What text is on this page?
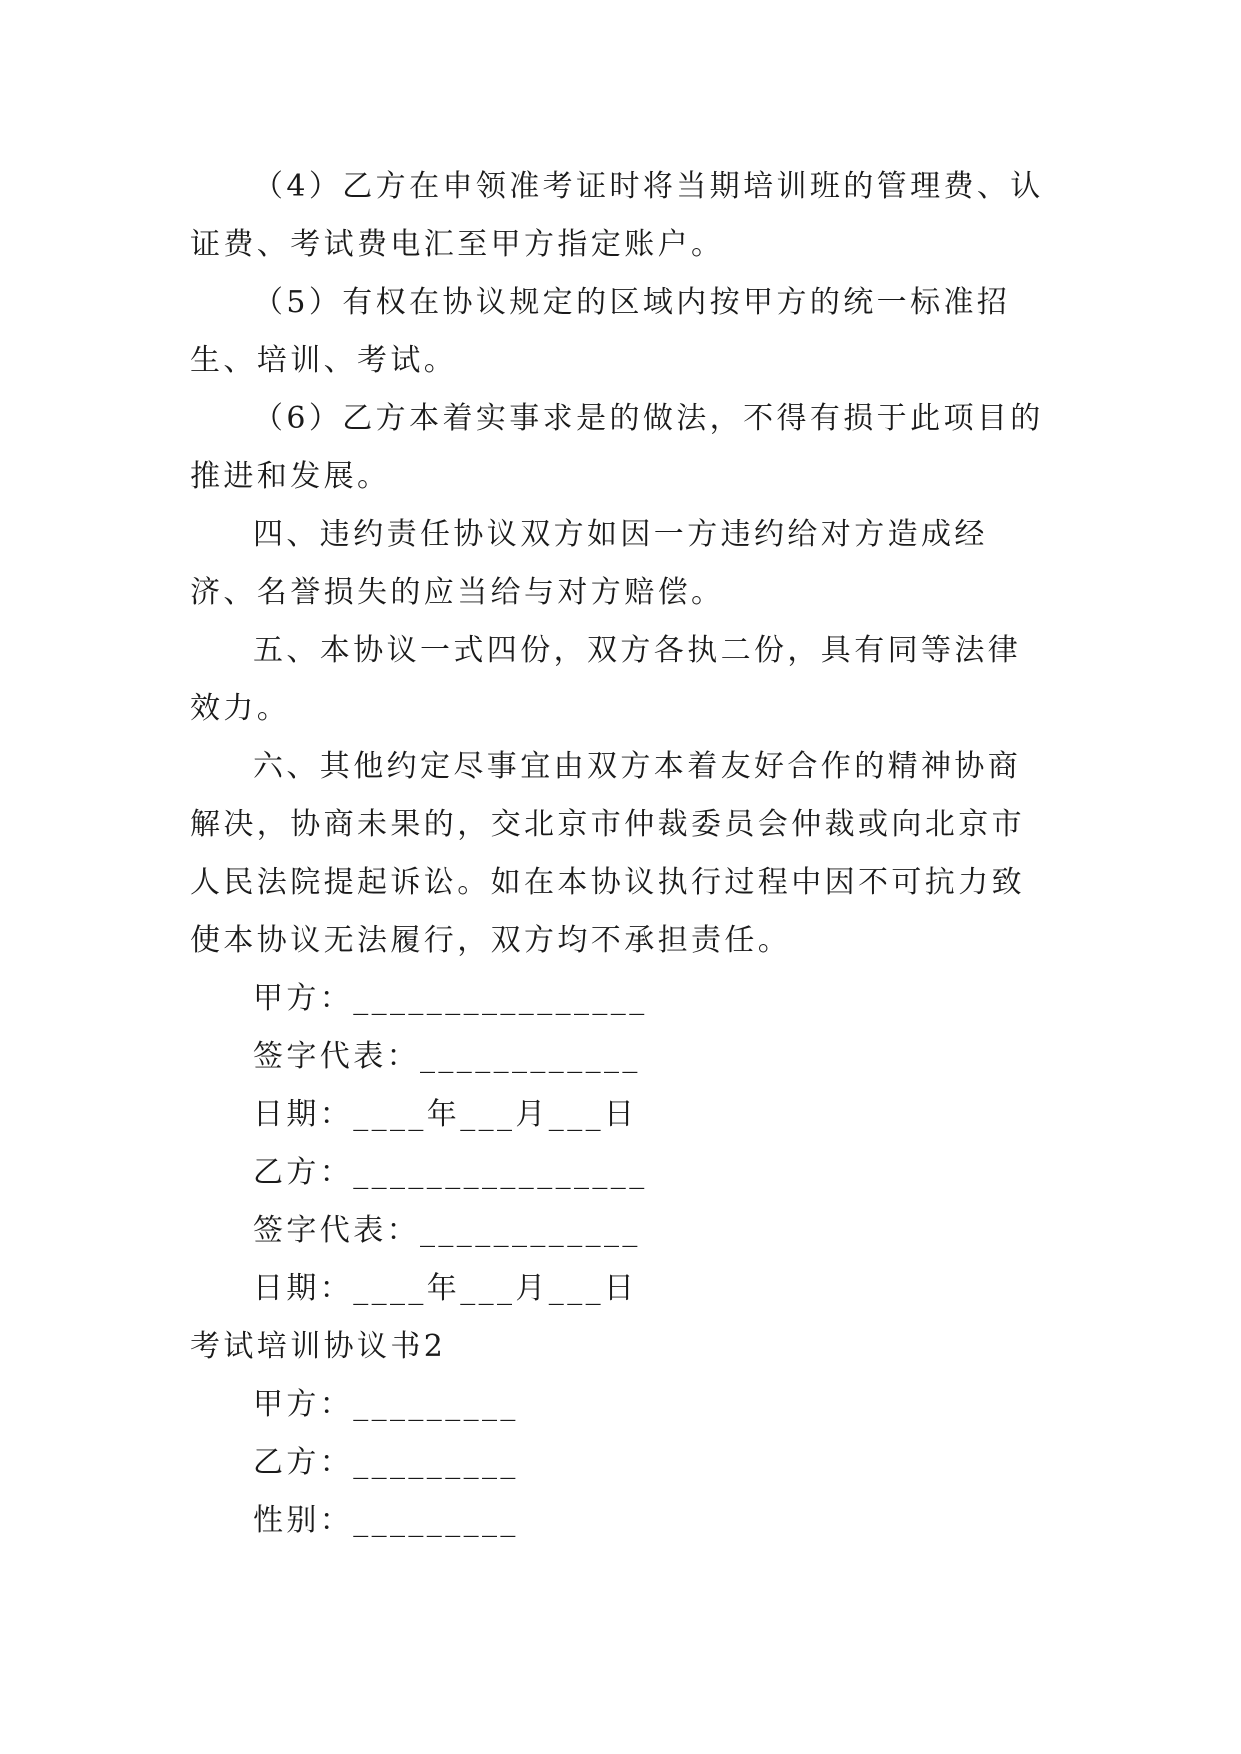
（4）乙方在申领准考证时将当期培训班的管理费、认证费、考试费电汇至甲方指定账户。

（5）有权在协议规定的区域内按甲方的统一标准招生、培训、考试。

（6）乙方本着实事求是的做法，不得有损于此项目的推进和发展。

四、违约责任协议双方如因一方违约给对方造成经济、名誉损失的应当给与对方赔偿。

五、本协议一式四份，双方各执二份，具有同等法律效力。

六、其他约定尽事宜由双方本着友好合作的精神协商解决，协商未果的，交北京市仲裁委员会仲裁或向北京市人民法院提起诉讼。如在本协议执行过程中因不可抗力致使本协议无法履行，双方均不承担责任。

甲方：________________

签字代表：____________

日期：____年___月___日

乙方：________________

签字代表：____________

日期：____年___月___日

考试培训协议书2

甲方：_________

乙方：_________

性别：_________
